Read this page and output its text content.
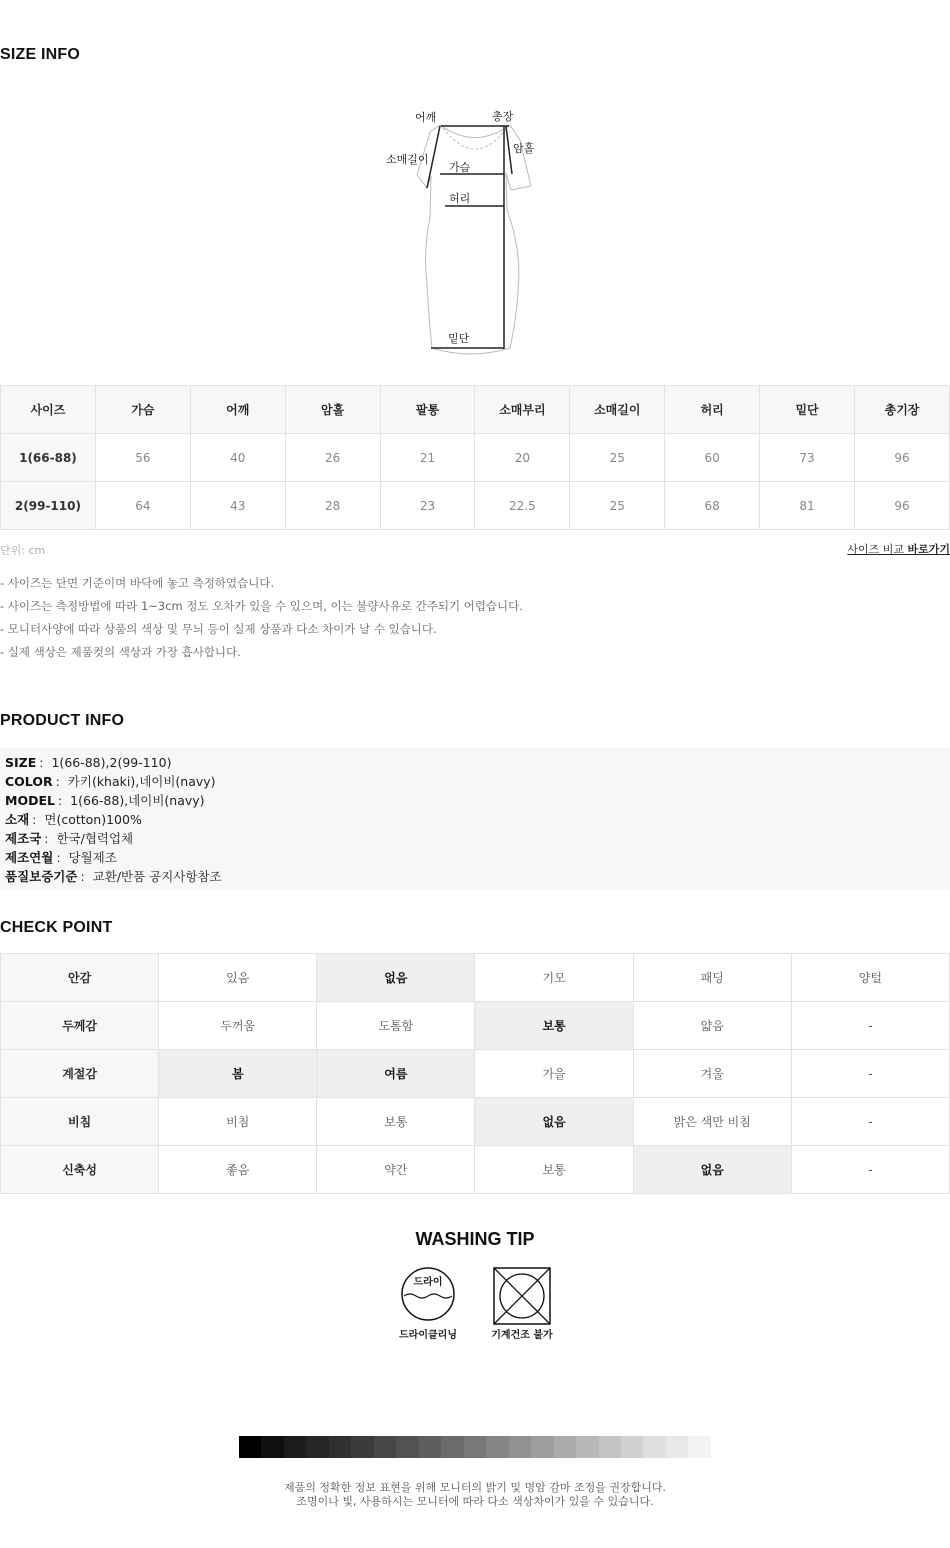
SIZE INFO
어깨	총장
암홀
소매길이
가슴
허리
밑단
사이즈	가슴	어깨	암홀	팔통	소매부리	소매길이	허리	밑단	총기장
1(66-88)	56	40	26	21	20	25	60	73	96
2(99-110)	64	43	28	23	22.5	25	68	81	96
단위: cm	사이즈 비교 바로가기
- 사이즈는 단면 기준이며 바닥에 놓고 측정하였습니다.
- 사이즈는 측정방법에 따라 1~3cm 정도 오차가 있을 수 있으며, 이는 불량사유로 간주되기 어렵습니다.
- 모니터사양에 따라 상품의 색상 및 무늬 등이 실제 상품과 다소 차이가 날 수 있습니다.
- 실제 색상은 제품컷의 색상과 가장 흡사합니다.
PRODUCT INFO
SIZE : 1(66-88),2(99-110)
COLOR : 카키(khaki),네이비(navy)
MODEL : 1(66-88),네이비(navy)
소재 : 면(cotton)100%
제조국 : 한국/협력업체
제조연월 : 당월제조
품질보증기준 : 교환/반품 공지사항참조
CHECK POINT
안감	있음	없음	기모	패딩	양털
두께감	두꺼움	도톰함	보통	얇음	-
계절감	봄	여름	가을	겨울	-
비침	비침	보통	없음	밝은 색만 비침	-
신축성	좋음	약간	보통	없음	-
WASHING TIP
드라이
드라이클리닝	기계건조 불가
제품의 정확한 정보 표현을 위해 모니터의 밝기 및 명암 감마 조정을 권장합니다.
조명이나 빛, 사용하시는 모니터에 따라 다소 색상차이가 있을 수 있습니다.
